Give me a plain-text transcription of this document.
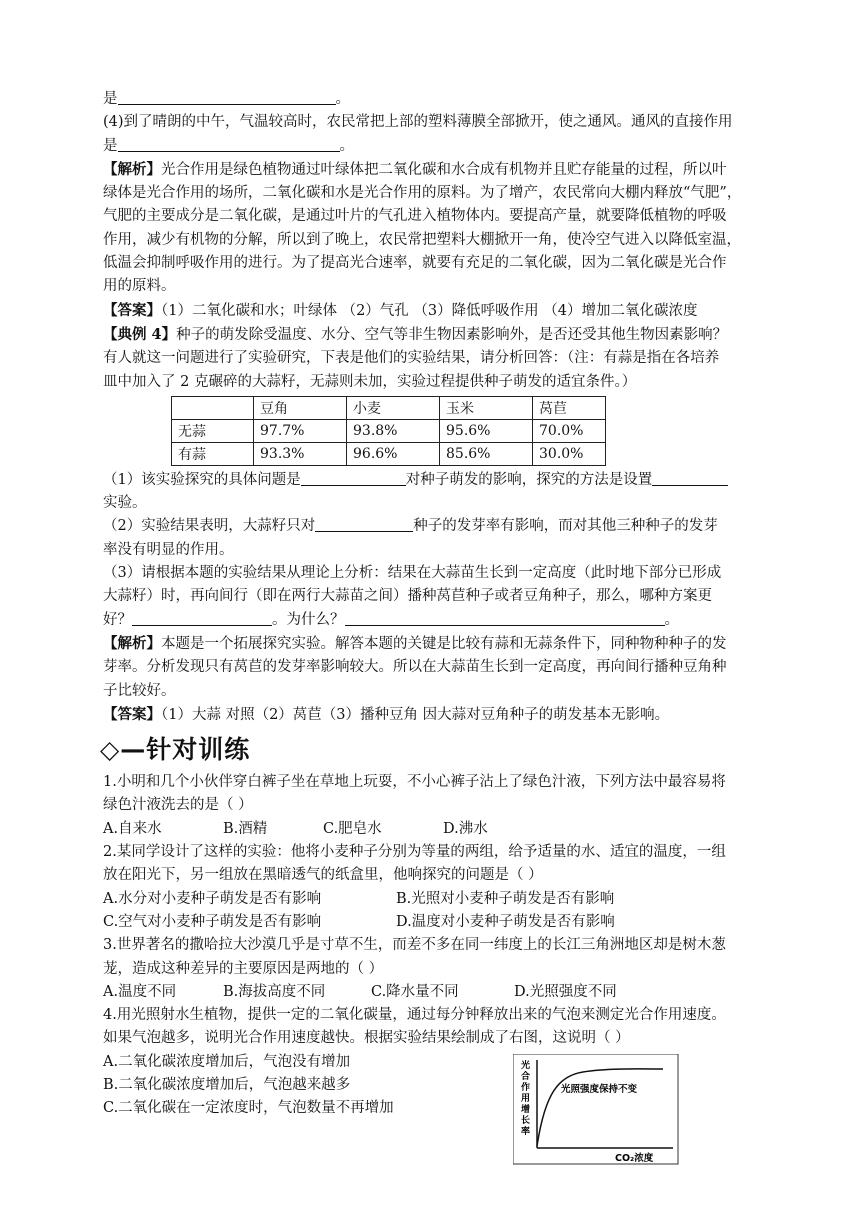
是	。
(4)到了晴朗的中午，气温较高时，农民常把上部的塑料薄膜全部掀开，使之通风。通风的直接作用
是	。
【解析】光合作用是绿色植物通过叶绿体把二氧化碳和水合成有机物并且贮存能量的过程，所以叶
绿体是光合作用的场所，二氧化碳和水是光合作用的原料。为了增产，农民常向大棚内释放“气肥”，
气肥的主要成分是二氧化碳，是通过叶片的气孔进入植物体内。要提高产量，就要降低植物的呼吸
作用，减少有机物的分解，所以到了晚上，农民常把塑料大棚掀开一角，使冷空气进入以降低室温，
低温会抑制呼吸作用的进行。为了提高光合速率，就要有充足的二氧化碳，因为二氧化碳是光合作
用的原料。
【答案】（1）二氧化碳和水；叶绿体 （2）气孔 （3）降低呼吸作用 （4）增加二氧化碳浓度
【典例 4】种子的萌发除受温度、水分、空气等非生物因素影响外，是否还受其他生物因素影响？
有人就这一问题进行了实验研究，下表是他们的实验结果，请分析回答：（注：有蒜是指在各培养
皿中加入了 2 克碾碎的大蒜籽，无蒜则未加，实验过程提供种子萌发的适宜条件。）
	豆角	小麦	玉米	莴苣
无蒜	97.7%	93.8%	95.6%	70.0%
有蒜	93.3%	96.6%	85.6%	30.0%
（1）该实验探究的具体问题是	对种子萌发的影响，探究的方法是设置
实验。
（2）实验结果表明，大蒜籽只对	种子的发芽率有影响，而对其他三种种子的发芽
率没有明显的作用。
（3）请根据本题的实验结果从理论上分析：结果在大蒜苗生长到一定高度（此时地下部分已形成
大蒜籽）时，再向间行（即在两行大蒜苗之间）播种莴苣种子或者豆角种子，那么，哪种方案更
好？	。为什么？	。
【解析】本题是一个拓展探究实验。解答本题的关键是比较有蒜和无蒜条件下，同种物种种子的发
芽率。分析发现只有莴苣的发芽率影响较大。所以在大蒜苗生长到一定高度，再向间行播种豆角种
子比较好。
【答案】（1）大蒜 对照（2）莴苣（3）播种豆角 因大蒜对豆角种子的萌发基本无影响。
◇—针对训练
1.小明和几个小伙伴穿白裤子坐在草地上玩耍，不小心裤子沾上了绿色汁液，下列方法中最容易将
绿色汁液洗去的是（ ）
A.自来水	B.酒精	C.肥皂水	D.沸水
2.某同学设计了这样的实验：他将小麦种子分别为等量的两组，给予适量的水、适宜的温度，一组
放在阳光下，另一组放在黑暗透气的纸盒里，他响探究的问题是（ ）
A.水分对小麦种子萌发是否有影响	B.光照对小麦种子萌发是否有影响
C.空气对小麦种子萌发是否有影响	D.温度对小麦种子萌发是否有影响
3.世界著名的撒哈拉大沙漠几乎是寸草不生，而差不多在同一纬度上的长江三角洲地区却是树木葱
茏，造成这种差异的主要原因是两地的（ ）
A.温度不同	B.海拔高度不同	C.降水量不同	D.光照强度不同
4.用光照射水生植物，提供一定的二氧化碳量，通过每分钟释放出来的气泡来测定光合作用速度。
如果气泡越多，说明光合作用速度越快。根据实验结果绘制成了右图，这说明（ ）
A.二氧化碳浓度增加后，气泡没有增加
B.二氧化碳浓度增加后，气泡越来越多
C.二氧化碳在一定浓度时，气泡数量不再增加
光照强度保持不变
光合作用增长率
CO₂浓度
